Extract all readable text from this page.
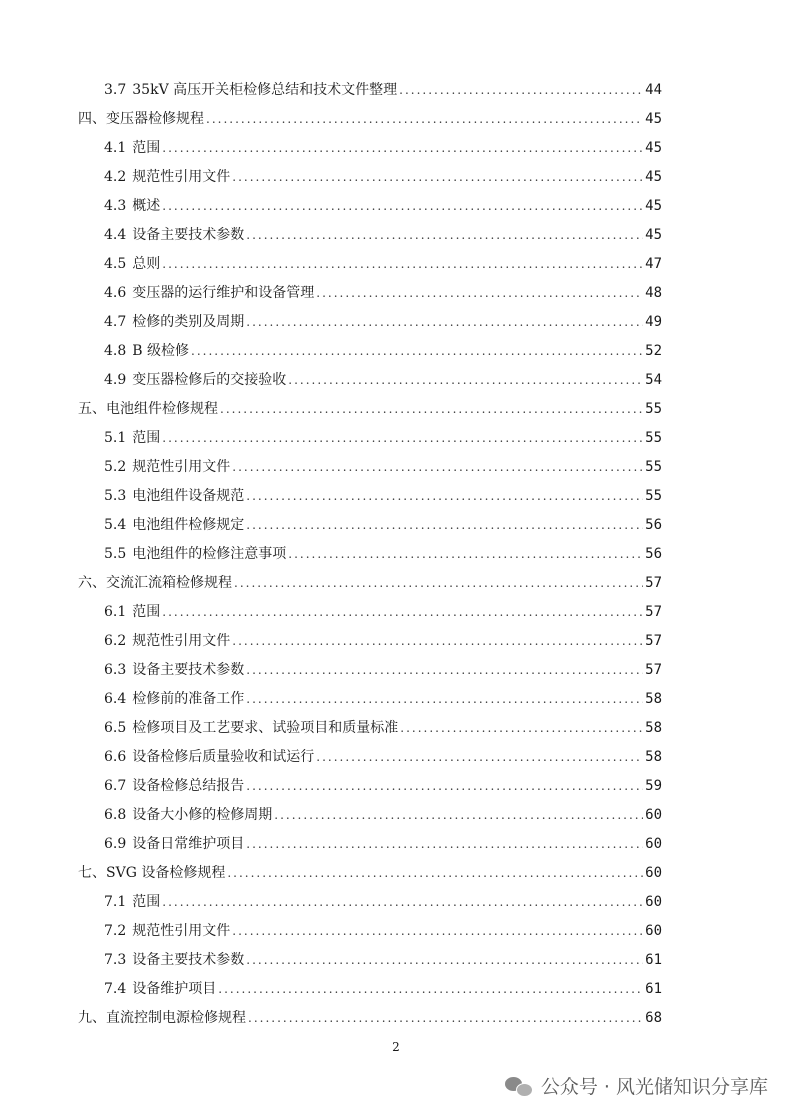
3.7 35kV 高压开关柜检修总结和技术文件整理 .....	44
四、变压器检修规程 .....	45
4.1 范围 .....	45
4.2 规范性引用文件 .....	45
4.3 概述 .....	45
4.4 设备主要技术参数 .....	45
4.5 总则 .....	47
4.6 变压器的运行维护和设备管理 .....	48
4.7 检修的类别及周期 .....	49
4.8 B 级检修 .....	52
4.9 变压器检修后的交接验收 .....	54
五、电池组件检修规程 .....	55
5.1 范围 .....	55
5.2 规范性引用文件 .....	55
5.3 电池组件设备规范 .....	55
5.4 电池组件检修规定 .....	56
5.5 电池组件的检修注意事项 .....	56
六、交流汇流箱检修规程 .....	57
6.1 范围 .....	57
6.2 规范性引用文件 .....	57
6.3 设备主要技术参数 .....	57
6.4 检修前的准备工作 .....	58
6.5 检修项目及工艺要求、试验项目和质量标准 .....	58
6.6 设备检修后质量验收和试运行 .....	58
6.7 设备检修总结报告 .....	59
6.8 设备大小修的检修周期 .....	60
6.9 设备日常维护项目 .....	60
七、SVG 设备检修规程 .....	60
7.1 范围 .....	60
7.2 规范性引用文件 .....	60
7.3 设备主要技术参数 .....	61
7.4 设备维护项目 .....	61
九、直流控制电源检修规程 .....	68
2
公众号 · 风光储知识分享库
